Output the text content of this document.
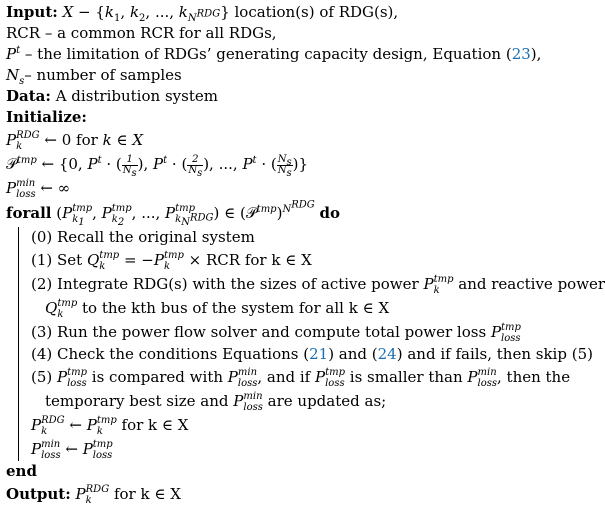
Input: $X - \{k_1$, $k_2$, ..., $k_{N^{RDG}}$} location(s) of RDG(s),
RCR – a common RCR for all RDGs,
$P^t$ – the limitation of RDGs’ generating capacity design, Equation (23),
$N_s-$ number of samples
Data: A distribution system
Initialize:
P RDG
k	← 0 for k ∈ X
𝒫$^{tmp}$ ← {0, $P^t$ · ( $\frac{1}{N_s}$ ), $P^t$ · ( $\frac{2}{N_s}$ ), ..., $P^t$ · ( $\frac{N_s}{N_s}$ )}
P min
loss ← ∞
forall (P tmp
$k_1$
, P tmp
$k_2$
, ..., P tmp
$k_{N^{RDG}}$ ) ∈ (𝒫$^{tmp}$)$^{N^{RDG}}$ do
(0) Recall the original system
(1) Set Q tmp
k = −P tmp
k	× RCR for k ∈ X
(2) Integrate RDG(s) with the sizes of active power P tmp
k	and reactive power
Q tmp
k	to the kth bus of the system for all k ∈ X
(3) Run the power flow solver and compute total power loss P tmp
loss
(4) Check the conditions Equations (21) and (24) and if fails, then skip (5)
(5) P tmp
loss is compared with P min
loss , and if P tmp
loss is smaller than P min
loss , then the
temporary best size and P min
loss are updated as;
P RDG
k	← P tmp
k	for k ∈ X
P min
loss ← P tmp
loss
end
Output: P RDG
k	for k ∈ X
